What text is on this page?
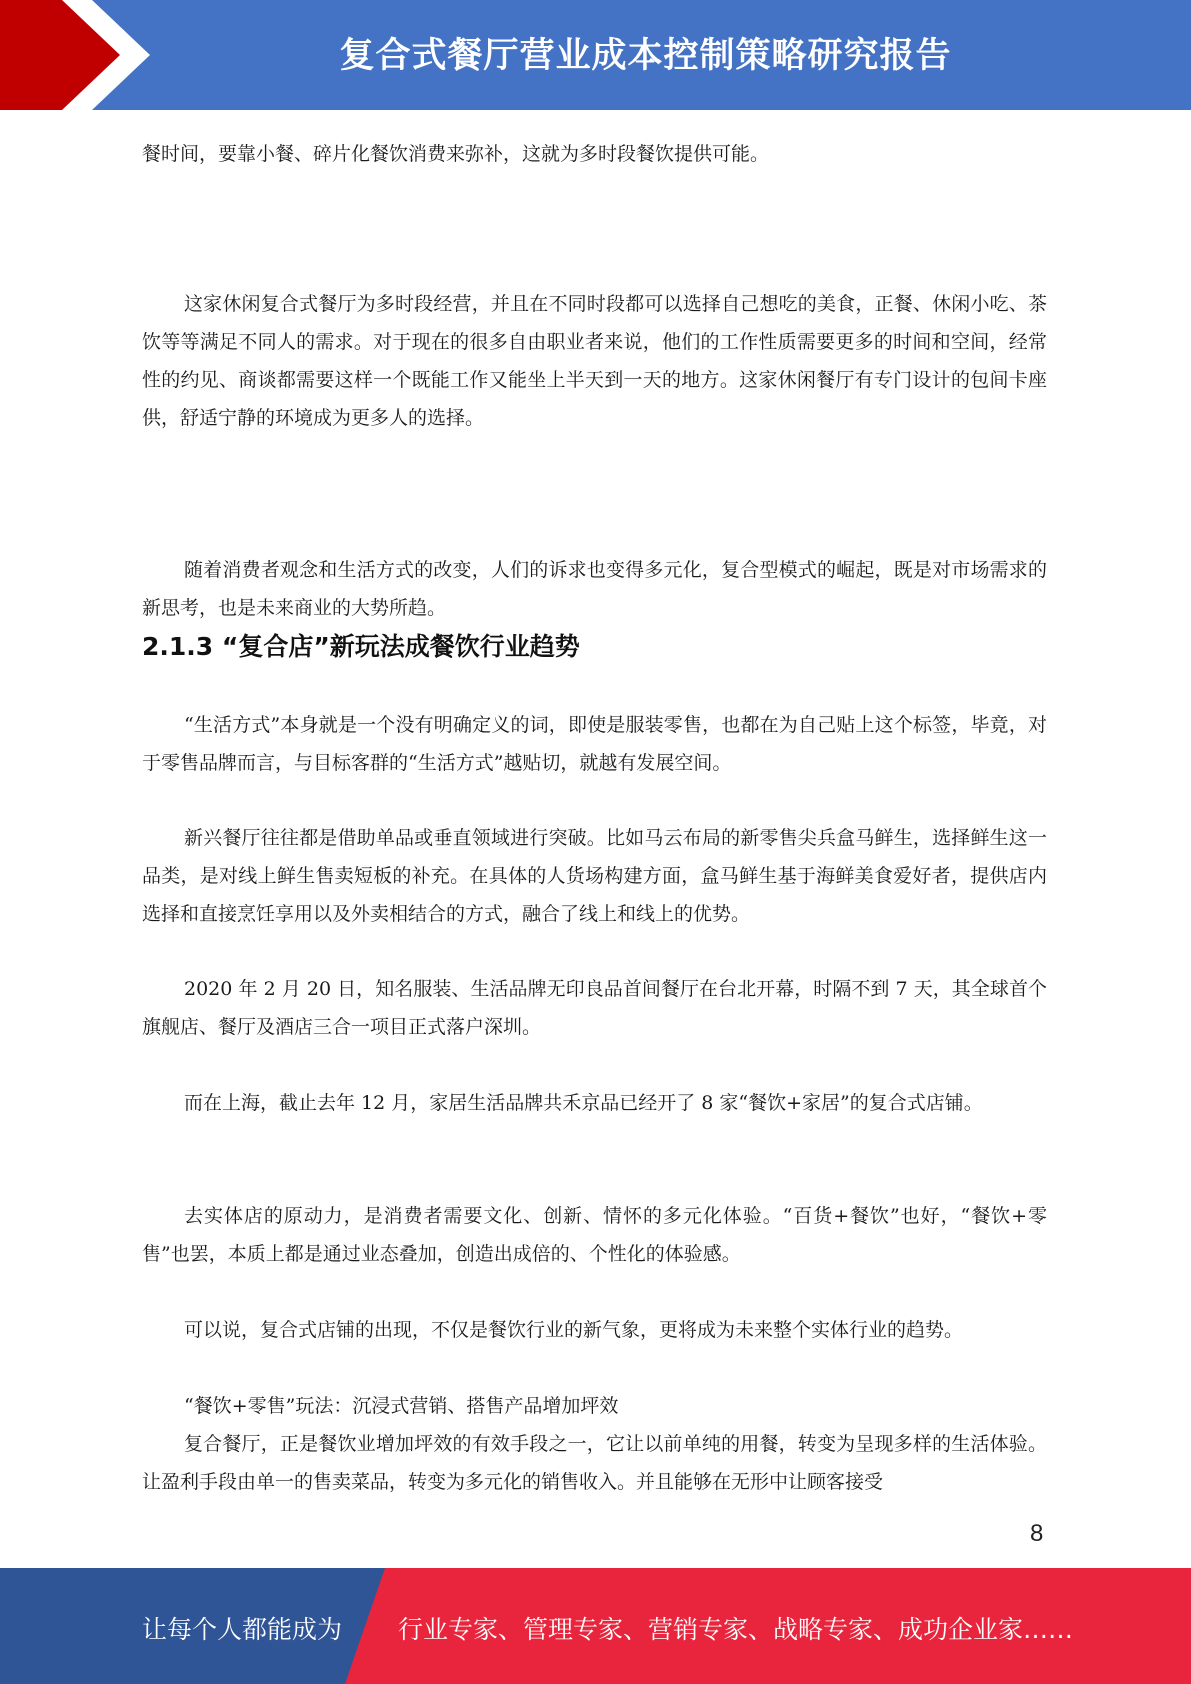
复合式餐厅营业成本控制策略研究报告

餐时间，要靠小餐、碎片化餐饮消费来弥补，这就为多时段餐饮提供可能。

这家休闲复合式餐厅为多时段经营，并且在不同时段都可以选择自己想吃的美食，正餐、休闲小吃、茶饮等等满足不同人的需求。对于现在的很多自由职业者来说，他们的工作性质需要更多的时间和空间，经常性的约见、商谈都需要这样一个既能工作又能坐上半天到一天的地方。这家休闲餐厅有专门设计的包间卡座供，舒适宁静的环境成为更多人的选择。

随着消费者观念和生活方式的改变，人们的诉求也变得多元化，复合型模式的崛起，既是对市场需求的新思考，也是未来商业的大势所趋。

2.1.3 “复合店”新玩法成餐饮行业趋势

“生活方式”本身就是一个没有明确定义的词，即使是服装零售，也都在为自己贴上这个标签，毕竟，对于零售品牌而言，与目标客群的“生活方式”越贴切，就越有发展空间。

新兴餐厅往往都是借助单品或垂直领域进行突破。比如马云布局的新零售尖兵盒马鲜生，选择鲜生这一品类，是对线上鲜生售卖短板的补充。在具体的人货场构建方面，盒马鲜生基于海鲜美食爱好者，提供店内选择和直接烹饪享用以及外卖相结合的方式，融合了线上和线上的优势。

2020 年 2 月 20 日，知名服装、生活品牌无印良品首间餐厅在台北开幕，时隔不到 7 天，其全球首个旗舰店、餐厅及酒店三合一项目正式落户深圳。

而在上海，截止去年 12 月，家居生活品牌共禾京品已经开了 8 家“餐饮+家居”的复合式店铺。

去实体店的原动力，是消费者需要文化、创新、情怀的多元化体验。“百货+餐饮”也好，“餐饮+零售”也罢，本质上都是通过业态叠加，创造出成倍的、个性化的体验感。

可以说，复合式店铺的出现，不仅是餐饮行业的新气象，更将成为未来整个实体行业的趋势。

“餐饮+零售”玩法：沉浸式营销、搭售产品增加坪效

复合餐厅，正是餐饮业增加坪效的有效手段之一，它让以前单纯的用餐，转变为呈现多样的生活体验。让盈利手段由单一的售卖菜品，转变为多元化的销售收入。并且能够在无形中让顾客接受

8
让每个人都能成为 行业专家、管理专家、营销专家、战略专家、成功企业家……
